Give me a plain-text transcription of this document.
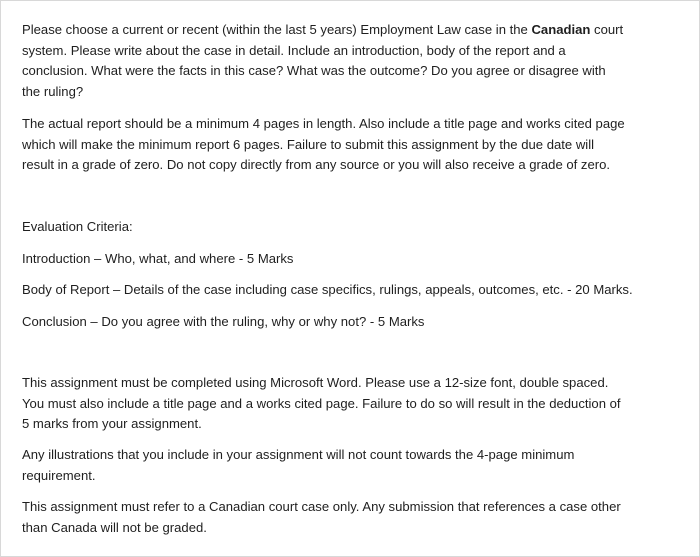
Please choose a current or recent (within the last 5 years) Employment Law case in the Canadian court
system. Please write about the case in detail. Include an introduction, body of the report and a
conclusion. What were the facts in this case? What was the outcome? Do you agree or disagree with
the ruling?

The actual report should be a minimum 4 pages in length. Also include a title page and works cited page
which will make the minimum report 6 pages. Failure to submit this assignment by the due date will
result in a grade of zero. Do not copy directly from any source or you will also receive a grade of zero.

Evaluation Criteria:

Introduction – Who, what, and where - 5 Marks

Body of Report – Details of the case including case specifics, rulings, appeals, outcomes, etc. - 20 Marks.

Conclusion – Do you agree with the ruling, why or why not? - 5 Marks

This assignment must be completed using Microsoft Word. Please use a 12-size font, double spaced.
You must also include a title page and a works cited page. Failure to do so will result in the deduction of
5 marks from your assignment.

Any illustrations that you include in your assignment will not count towards the 4-page minimum
requirement.

This assignment must refer to a Canadian court case only. Any submission that references a case other
than Canada will not be graded.
